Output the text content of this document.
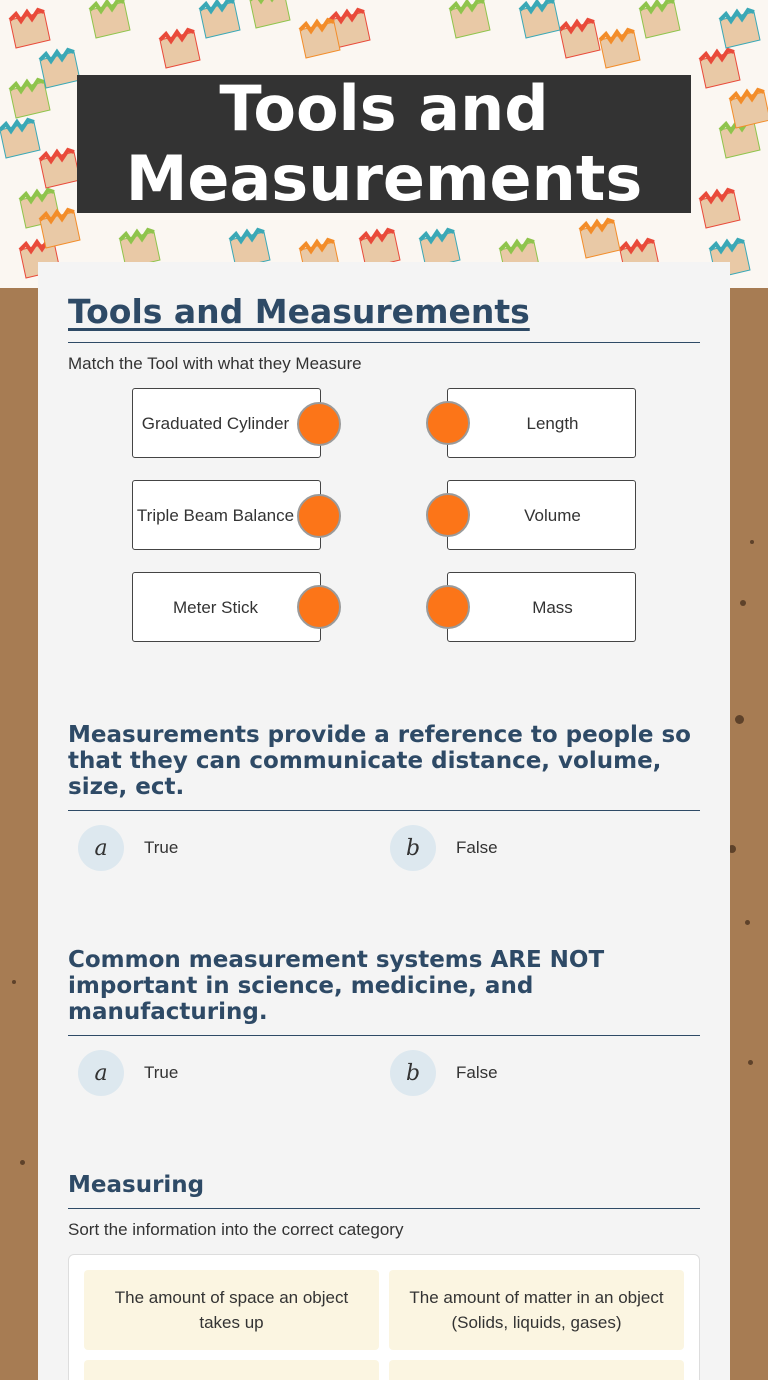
Tools and Measurements
Tools and Measurements
Match the Tool with what they Measure
Graduated Cylinder
Triple Beam Balance
Meter Stick
Length
Volume
Mass
Measurements provide a reference to people so that they can communicate distance, volume, size, ect.
a	True	b	False
Common measurement systems ARE NOT important in science, medicine, and manufacturing.
a	True	b	False
Measuring
Sort the information into the correct category
The amount of space an object takes up
The amount of matter in an object (Solids, liquids, gases)
